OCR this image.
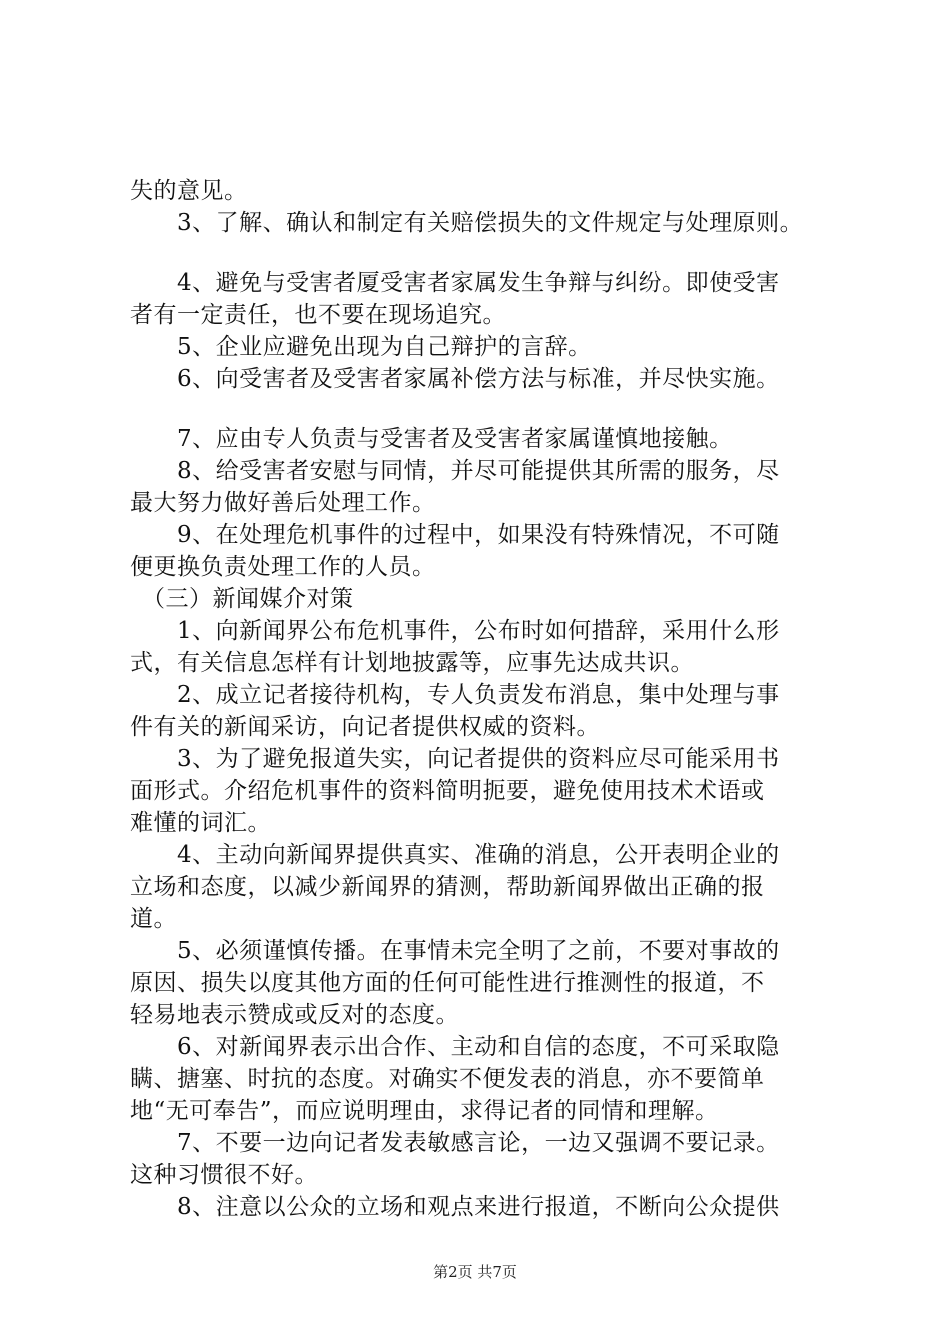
失的意见。
　　3、了解、确认和制定有关赔偿损失的文件规定与处理原则。
　　4、避免与受害者厦受害者家属发生争辩与纠纷。即使受害
者有一定责任，也不要在现场追究。
　　5、企业应避免出现为自己辩护的言辞。
　　6、向受害者及受害者家属补偿方法与标准，并尽快实施。
　　7、应由专人负责与受害者及受害者家属谨慎地接触。
　　8、给受害者安慰与同情，并尽可能提供其所需的服务，尽
最大努力做好善后处理工作。
　　9、在处理危机事件的过程中，如果没有特殊情况，不可随
便更换负责处理工作的人员。
　（三）新闻媒介对策
　　1、向新闻界公布危机事件，公布时如何措辞，采用什么形
式，有关信息怎样有计划地披露等，应事先达成共识。
　　2、成立记者接待机构，专人负责发布消息，集中处理与事
件有关的新闻采访，向记者提供权威的资料。
　　3、为了避免报道失实，向记者提供的资料应尽可能采用书
面形式。介绍危机事件的资料简明扼要，避免使用技术术语或
难懂的词汇。
　　4、主动向新闻界提供真实、准确的消息，公开表明企业的
立场和态度，以减少新闻界的猜测，帮助新闻界做出正确的报
道。
　　5、必须谨慎传播。在事情未完全明了之前，不要对事故的
原因、损失以度其他方面的任何可能性进行推测性的报道，不
轻易地表示赞成或反对的态度。
　　6、对新闻界表示出合作、主动和自信的态度，不可采取隐
瞒、搪塞、时抗的态度。对确实不便发表的消息，亦不要简单
地“无可奉告”，而应说明理由，求得记者的同情和理解。
　　7、不要一边向记者发表敏感言论，一边又强调不要记录。
这种习惯很不好。
　　8、注意以公众的立场和观点来进行报道，不断向公众提供
第2页 共7页
